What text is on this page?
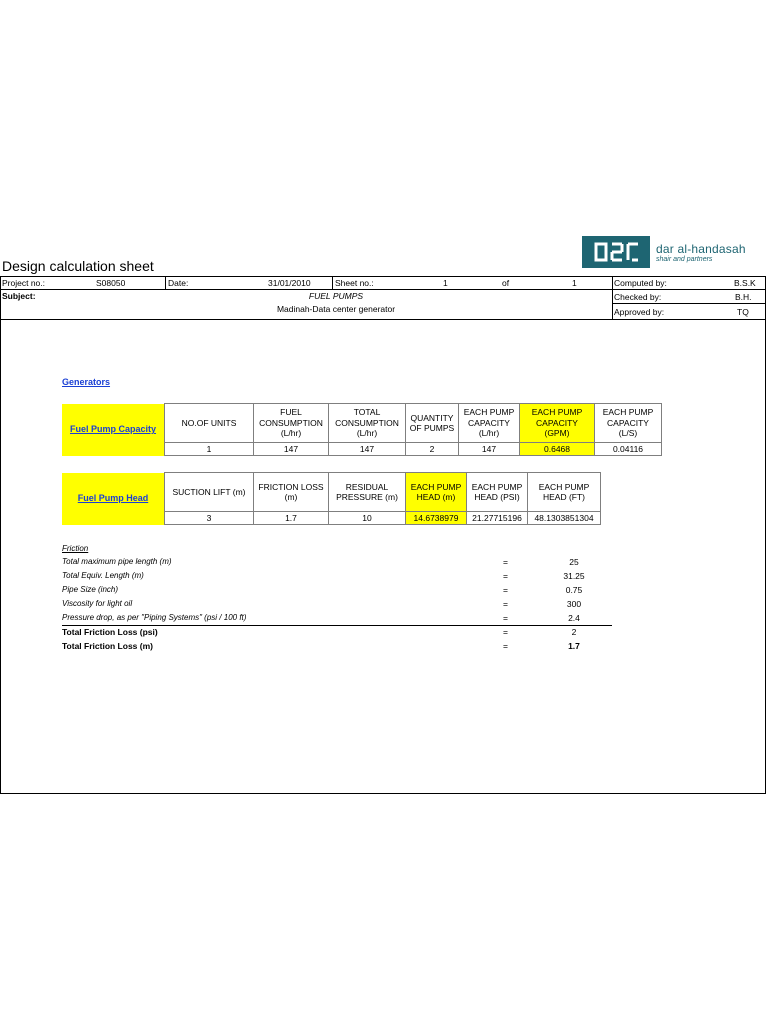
Design calculation sheet
dar al-handasah
shair and partners
Project no.:	S08050	Date:	31/01/2010	Sheet no.:	1	of	1	Computed by:	B.S.K
Checked by:	B.H.
Approved by:	TQ
Subject:	FUEL PUMPS
Madinah-Data center generator
Generators
Fuel Pump Capacity	NO.OF UNITS	FUEL
CONSUMPTION
(L/hr)	TOTAL
CONSUMPTION
(L/hr)	QUANTITY
OF PUMPS	EACH PUMP
CAPACITY
(L/hr)	EACH PUMP
CAPACITY
(GPM)	EACH PUMP
CAPACITY
(L/S)
	1	147	147	2	147	0.6468	0.04116
Fuel Pump Head	SUCTION LIFT (m)	FRICTION LOSS
(m)	RESIDUAL
PRESSURE (m)	EACH PUMP
HEAD (m)	EACH PUMP
HEAD (PSI)	EACH PUMP
HEAD (FT)
	3	1.7	10	14.6738979	21.27715196	48.1303851304
Friction
Total maximum pipe length (m)	=	25
Total Equiv. Length (m)	=	31.25
Pipe Size (inch)	=	0.75
Viscosity for light oil	=	300
Pressure drop, as per "Piping Systems" (psi / 100 ft)	=	2.4
Total Friction Loss (psi)	=	2
Total Friction Loss (m)	=	1.7
